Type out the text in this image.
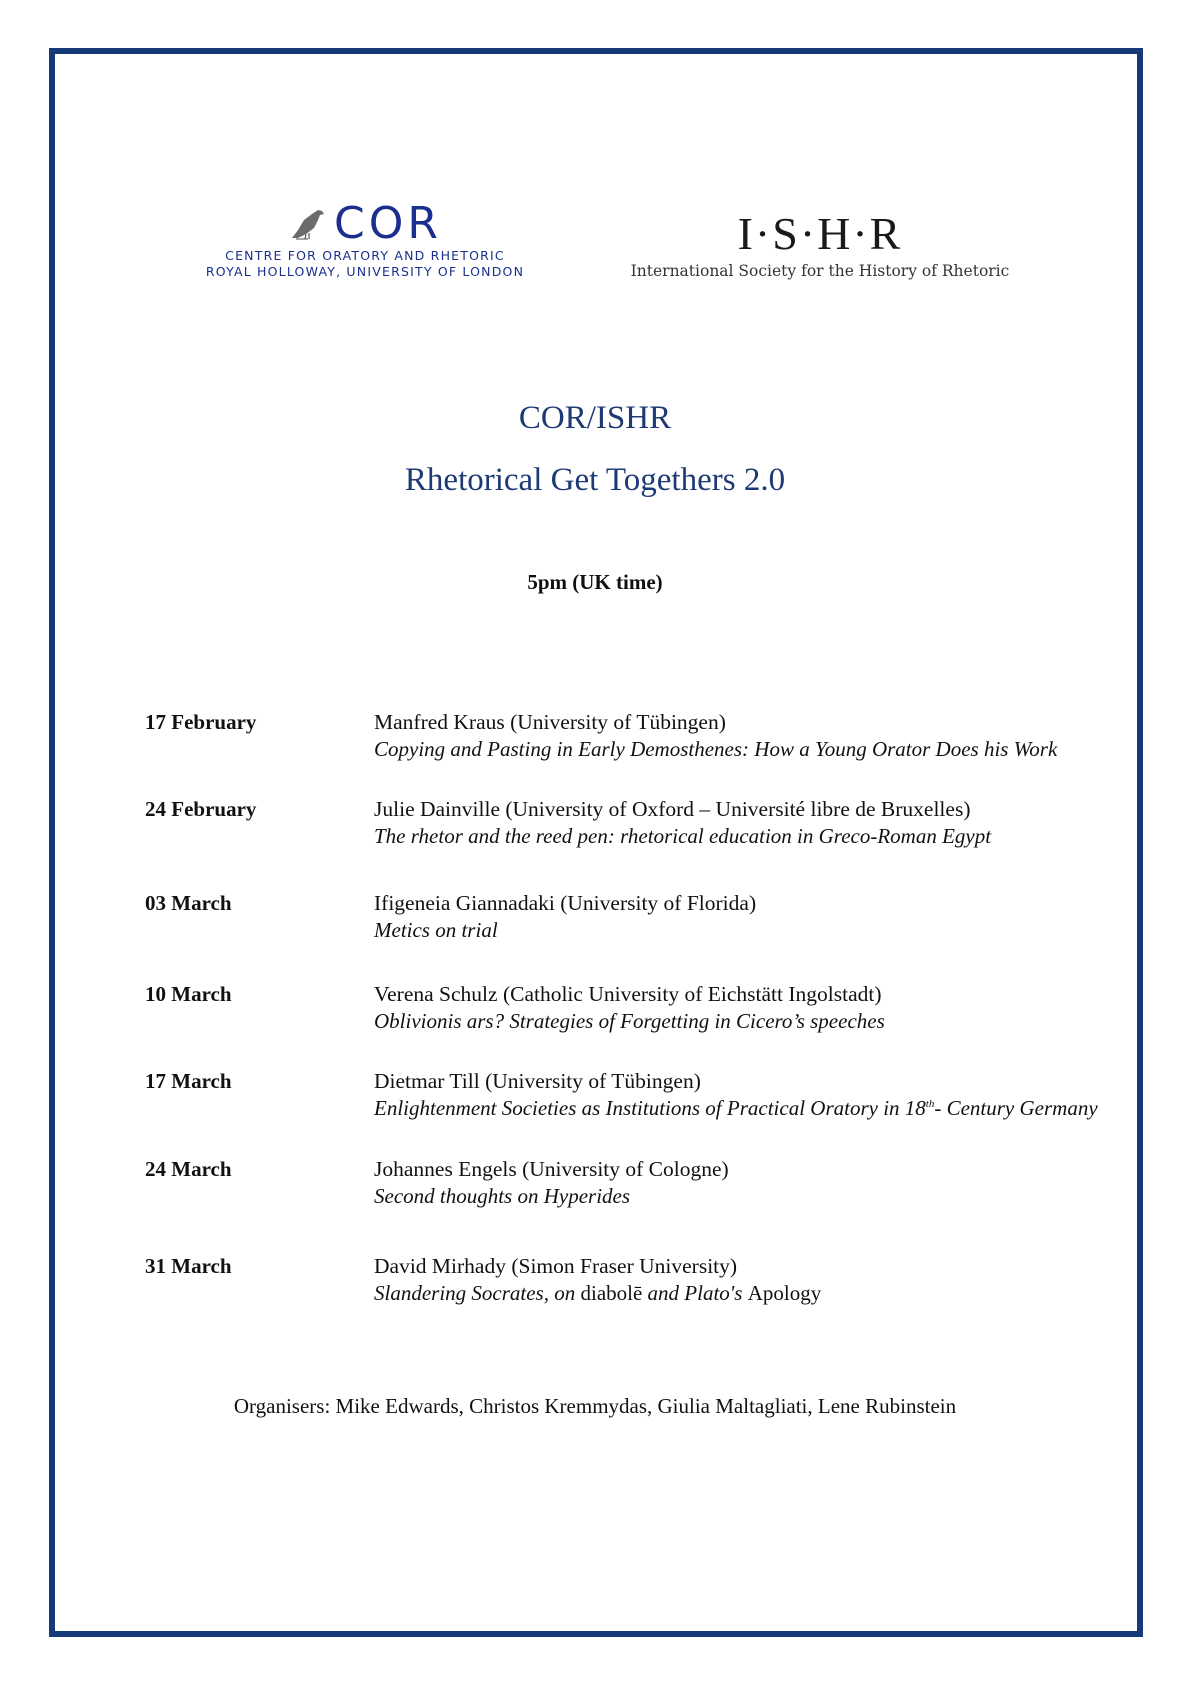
COR
CENTRE FOR ORATORY AND RHETORIC
ROYAL HOLLOWAY, UNIVERSITY OF LONDON
I·S·H·R
International Society for the History of Rhetoric
COR/ISHR
Rhetorical Get Togethers 2.0
5pm (UK time)
17 February	Manfred Kraus (University of Tübingen)
Copying and Pasting in Early Demosthenes: How a Young Orator Does his Work
24 February	Julie Dainville (University of Oxford – Université libre de Bruxelles)
The rhetor and the reed pen: rhetorical education in Greco-Roman Egypt
03 March	Ifigeneia Giannadaki (University of Florida)
Metics on trial
10 March	Verena Schulz (Catholic University of Eichstätt Ingolstadt)
Oblivionis ars? Strategies of Forgetting in Cicero’s speeches
17 March	Dietmar Till (University of Tübingen)
Enlightenment Societies as Institutions of Practical Oratory in 18th- Century Germany
24 March	Johannes Engels (University of Cologne)
Second thoughts on Hyperides
31 March	David Mirhady (Simon Fraser University)
Slandering Socrates, on diabolē and Plato's Apology
Organisers: Mike Edwards, Christos Kremmydas, Giulia Maltagliati, Lene Rubinstein
